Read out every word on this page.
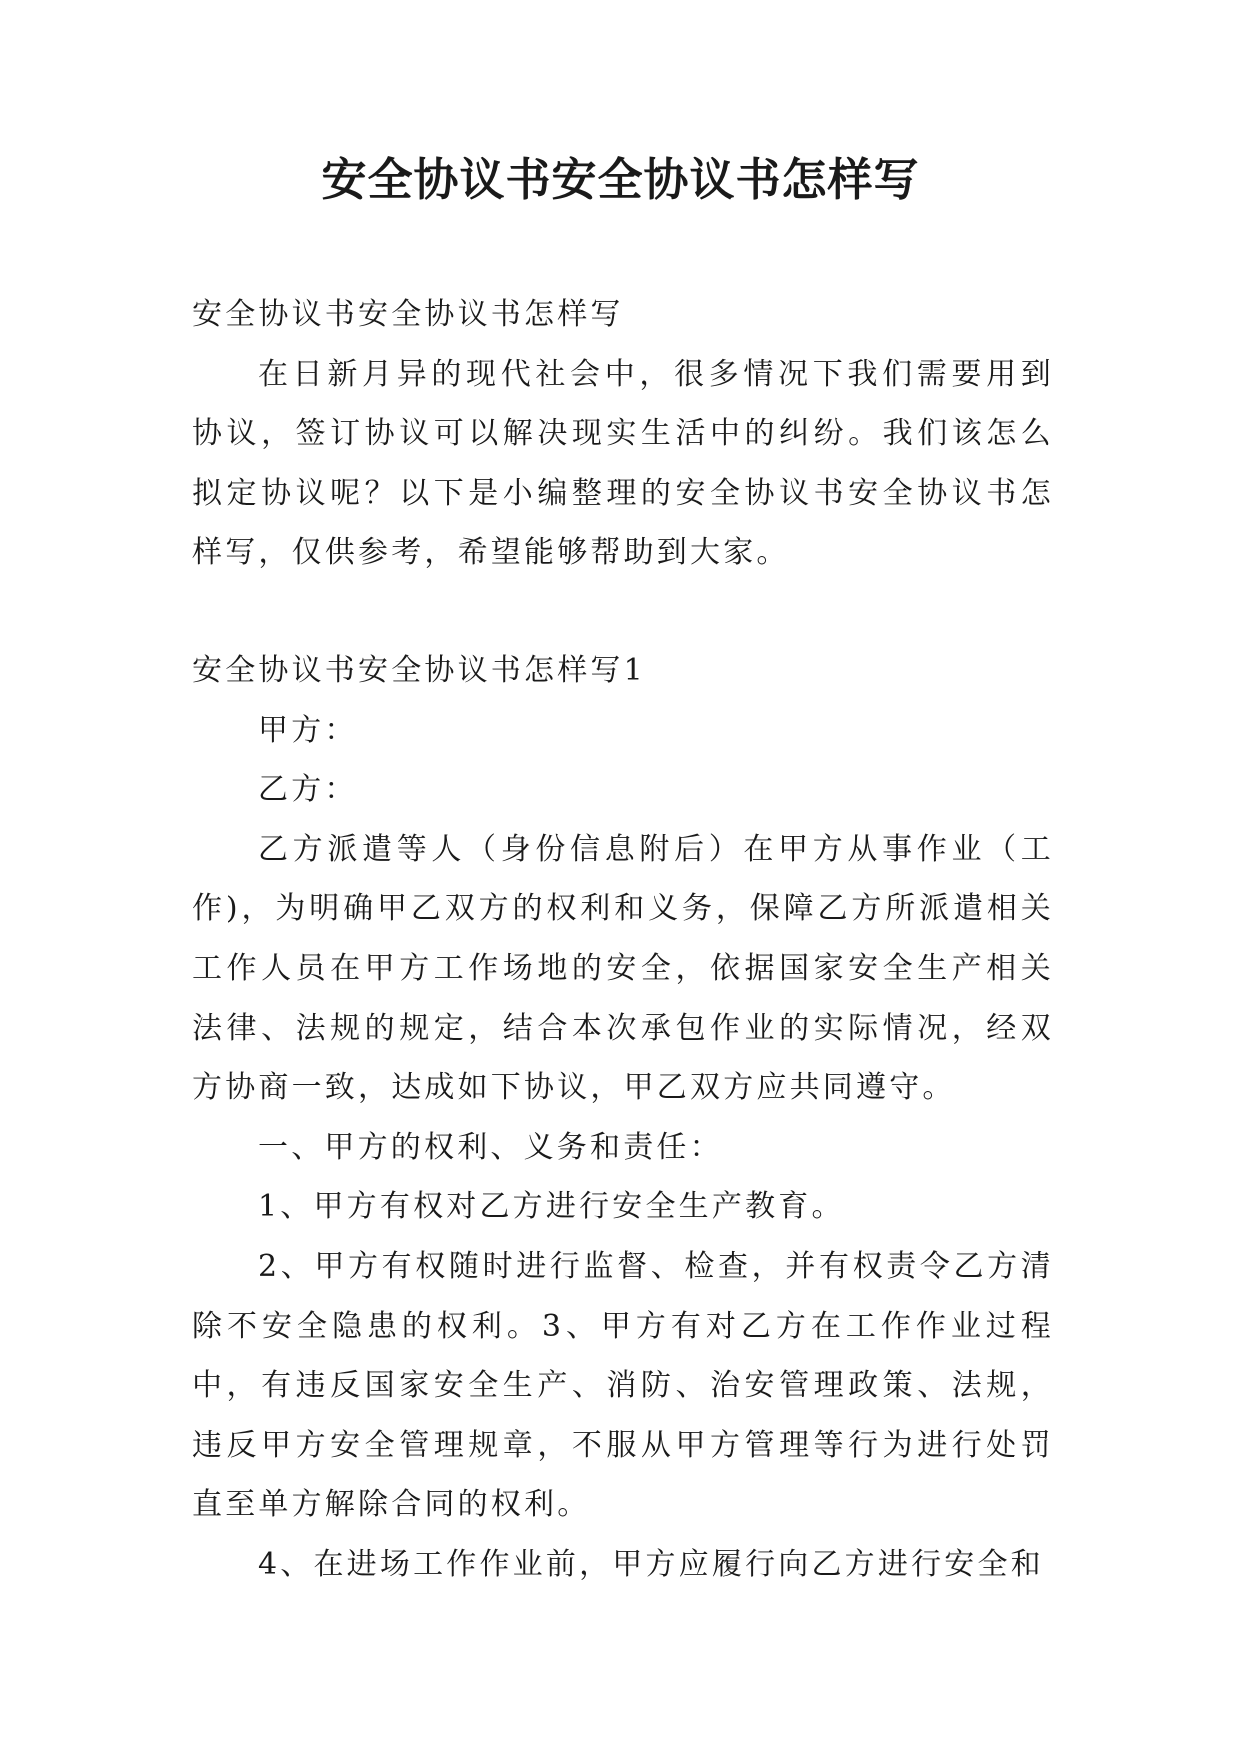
安全协议书安全协议书怎样写

安全协议书安全协议书怎样写

在日新月异的现代社会中，很多情况下我们需要用到协议，签订协议可以解决现实生活中的纠纷。我们该怎么拟定协议呢？以下是小编整理的安全协议书安全协议书怎样写，仅供参考，希望能够帮助到大家。

安全协议书安全协议书怎样写1

甲方：

乙方：

乙方派遣等人（身份信息附后）在甲方从事作业（工作)，为明确甲乙双方的权利和义务，保障乙方所派遣相关工作人员在甲方工作场地的安全，依据国家安全生产相关法律、法规的规定，结合本次承包作业的实际情况，经双方协商一致，达成如下协议，甲乙双方应共同遵守。

一、甲方的权利、义务和责任：

1、甲方有权对乙方进行安全生产教育。

2、甲方有权随时进行监督、检查，并有权责令乙方清除不安全隐患的权利。3、甲方有对乙方在工作作业过程中，有违反国家安全生产、消防、治安管理政策、法规，违反甲方安全管理规章，不服从甲方管理等行为进行处罚直至单方解除合同的权利。

4、在进场工作作业前，甲方应履行向乙方进行安全和
